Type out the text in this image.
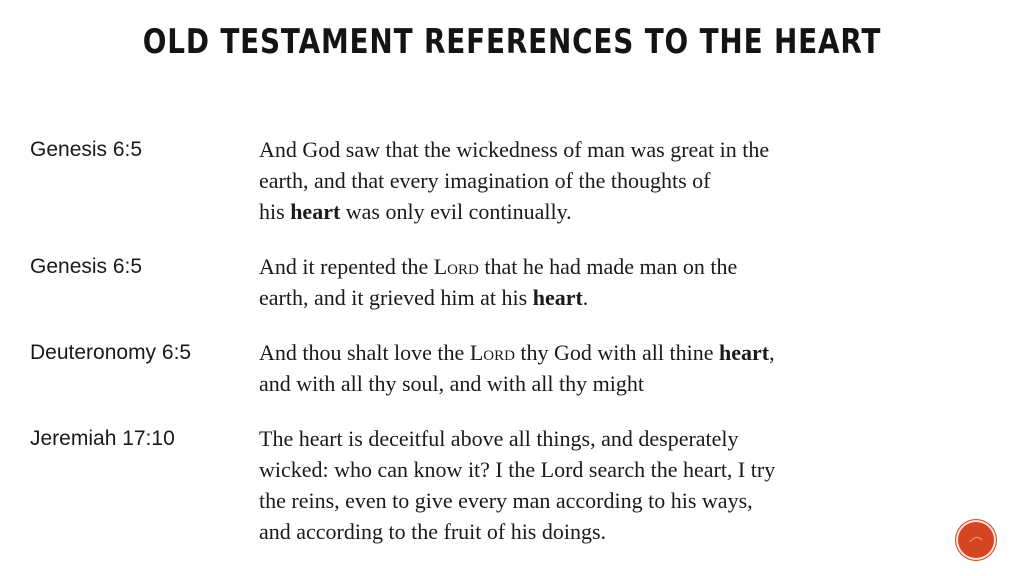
OLD TESTAMENT REFERENCES TO THE HEART
Genesis 6:5	And God saw that the wickedness of man was great in the
earth, and that every imagination of the thoughts of
his heart was only evil continually.
Genesis 6:5	And it repented the Lord that he had made man on the
earth, and it grieved him at his heart.
Deuteronomy 6:5	And thou shalt love the Lord thy God with all thine heart,
and with all thy soul, and with all thy might
Jeremiah 17:10	The heart is deceitful above all things, and desperately
wicked: who can know it? I the Lord search the heart, I try
the reins, even to give every man according to his ways,
and according to the fruit of his doings.
